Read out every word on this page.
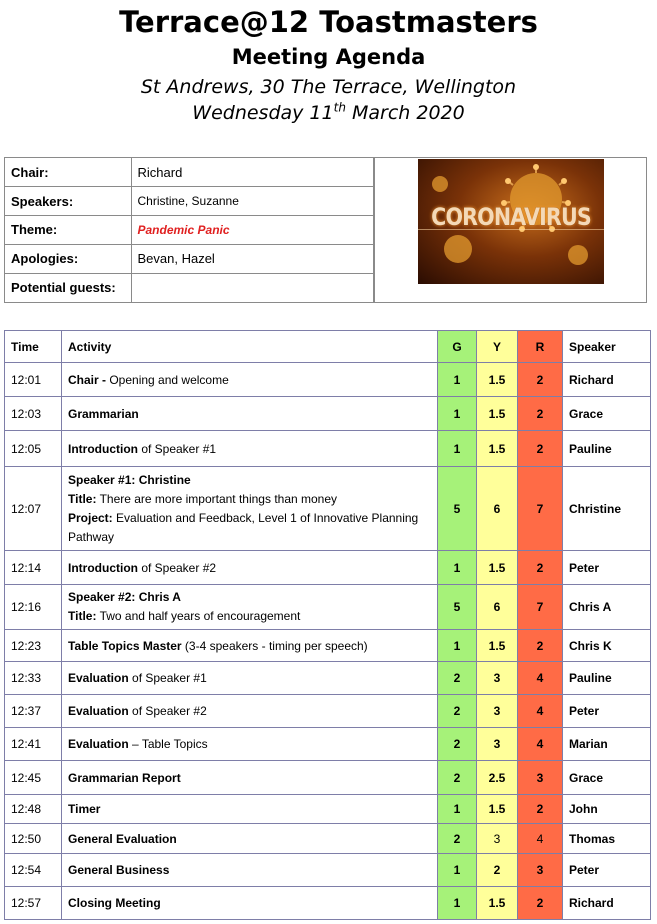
Terrace@12 Toastmasters
Meeting Agenda
St Andrews, 30 The Terrace, Wellington
Wednesday 11th March 2020
Chair:	Richard
Speakers:	Christine, Suzanne
Theme:	Pandemic Panic
Apologies:	Bevan, Hazel
Potential guests:	
CORONAVIRUS
Time	Activity	G	Y	R	Speaker
12:01	Chair - Opening and welcome	1	1.5	2	Richard
12:03	Grammarian	1	1.5	2	Grace
12:05	Introduction of Speaker #1	1	1.5	2	Pauline
12:07	Speaker #1: Christine
Title: There are more important things than money
Project: Evaluation and Feedback, Level 1 of Innovative Planning Pathway	5	6	7	Christine
12:14	Introduction of Speaker #2	1	1.5	2	Peter
12:16	Speaker #2: Chris A
Title: Two and half years of encouragement	5	6	7	Chris A
12:23	Table Topics Master (3-4 speakers - timing per speech)	1	1.5	2	Chris K
12:33	Evaluation of Speaker #1	2	3	4	Pauline
12:37	Evaluation of Speaker #2	2	3	4	Peter
12:41	Evaluation – Table Topics	2	3	4	Marian
12:45	Grammarian Report	2	2.5	3	Grace
12:48	Timer	1	1.5	2	John
12:50	General Evaluation	2	3	4	Thomas
12:54	General Business	1	2	3	Peter
12:57	Closing Meeting	1	1.5	2	Richard
